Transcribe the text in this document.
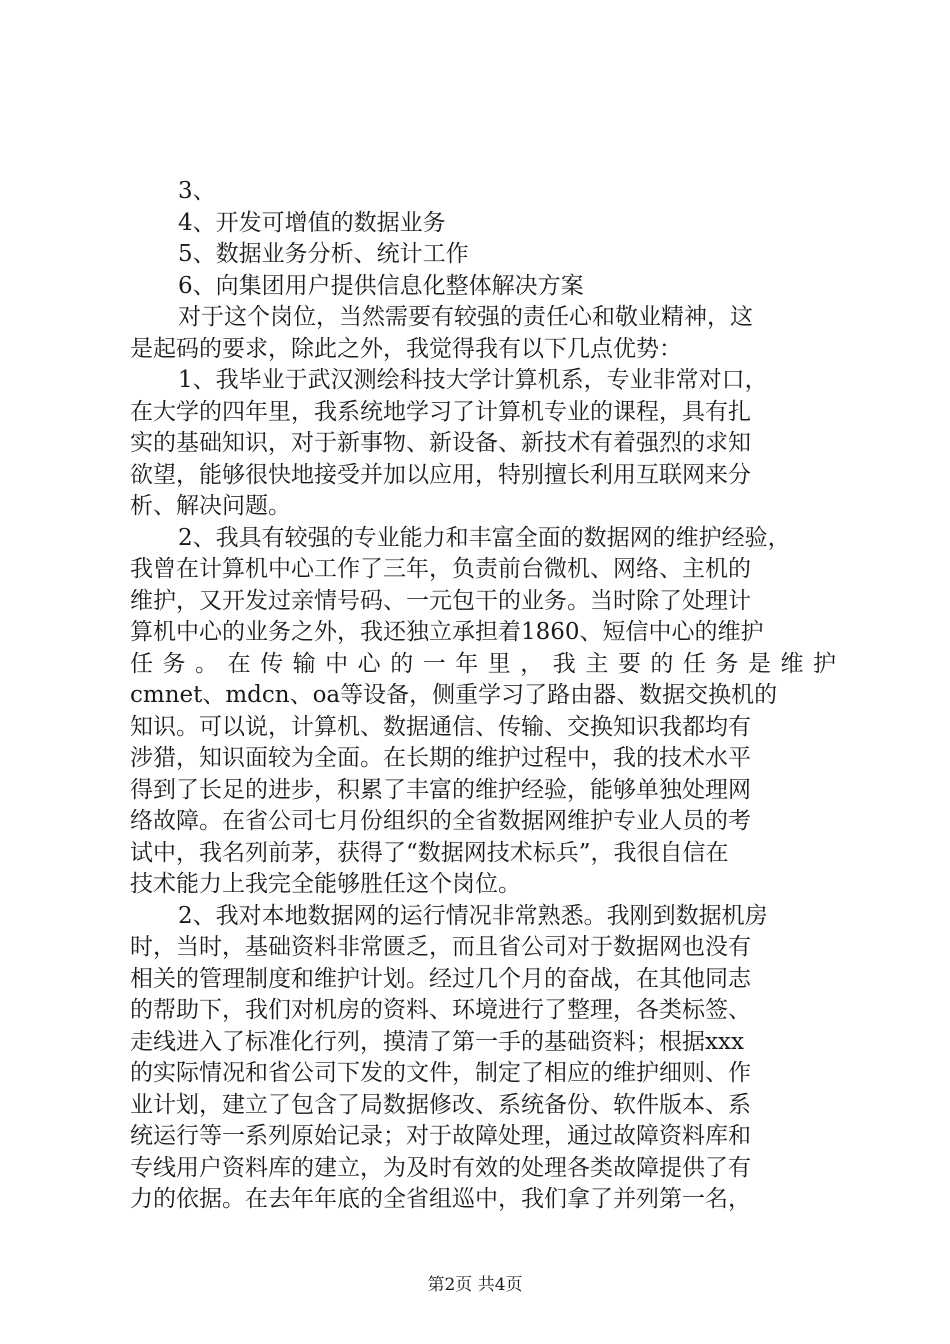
3、
4、开发可增值的数据业务
5、数据业务分析、统计工作
6、向集团用户提供信息化整体解决方案
对于这个岗位，当然需要有较强的责任心和敬业精神，这
是起码的要求，除此之外，我觉得我有以下几点优势：
1、我毕业于武汉测绘科技大学计算机系，专业非常对口，
在大学的四年里，我系统地学习了计算机专业的课程，具有扎
实的基础知识，对于新事物、新设备、新技术有着强烈的求知
欲望，能够很快地接受并加以应用，特别擅长利用互联网来分
析、解决问题。
2、我具有较强的专业能力和丰富全面的数据网的维护经验，
我曾在计算机中心工作了三年，负责前台微机、网络、主机的
维护，又开发过亲情号码、一元包干的业务。当时除了处理计
算机中心的业务之外，我还独立承担着1860、短信中心的维护
任务。在传输中心的一年里，我主要的任务是维护
cmnet、mdcn、oa等设备，侧重学习了路由器、数据交换机的
知识。可以说，计算机、数据通信、传输、交换知识我都均有
涉猎，知识面较为全面。在长期的维护过程中，我的技术水平
得到了长足的进步，积累了丰富的维护经验，能够单独处理网
络故障。在省公司七月份组织的全省数据网维护专业人员的考
试中，我名列前茅，获得了“数据网技术标兵”，我很自信在
技术能力上我完全能够胜任这个岗位。
2、我对本地数据网的运行情况非常熟悉。我刚到数据机房
时，当时，基础资料非常匮乏，而且省公司对于数据网也没有
相关的管理制度和维护计划。经过几个月的奋战，在其他同志
的帮助下，我们对机房的资料、环境进行了整理，各类标签、
走线进入了标准化行列，摸清了第一手的基础资料；根据xxx
的实际情况和省公司下发的文件，制定了相应的维护细则、作
业计划，建立了包含了局数据修改、系统备份、软件版本、系
统运行等一系列原始记录；对于故障处理，通过故障资料库和
专线用户资料库的建立，为及时有效的处理各类故障提供了有
力的依据。在去年年底的全省组巡中，我们拿了并列第一名，
第2页 共4页
